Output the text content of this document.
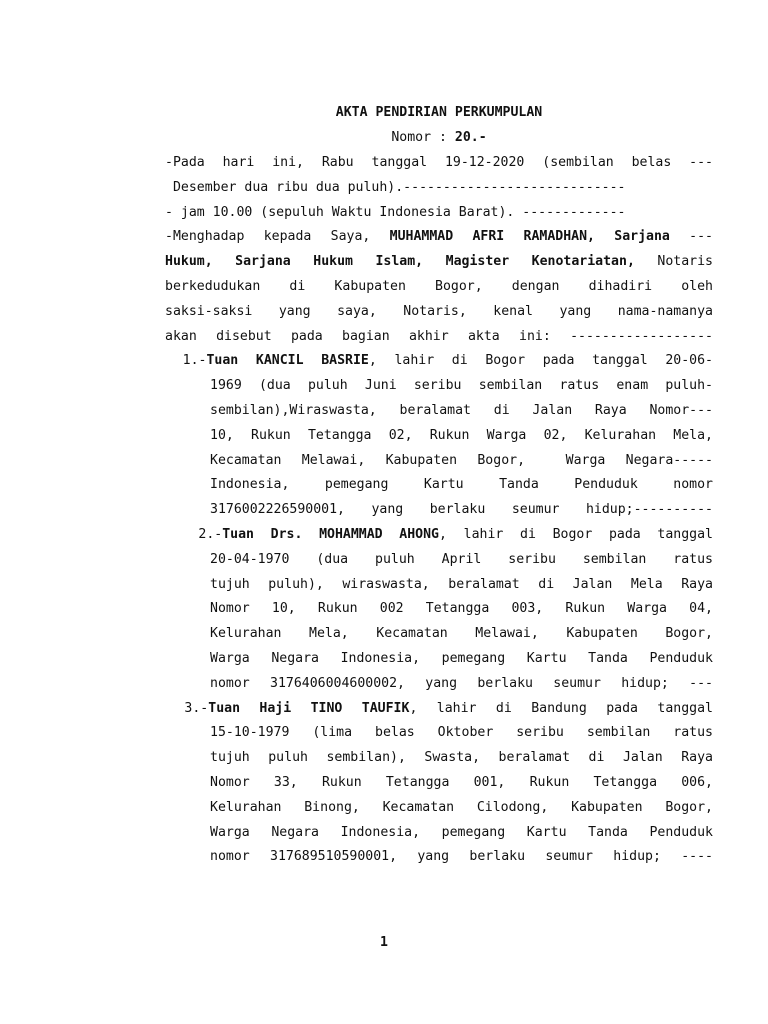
AKTA PENDIRIAN PERKUMPULAN
Nomor : 20.-
-Pada hari ini, Rabu tanggal 19-12-2020 (sembilan belas ---
Desember dua ribu dua puluh).----------------------------
- jam 10.00 (sepuluh Waktu Indonesia Barat). -------------
-Menghadap kepada Saya, MUHAMMAD AFRI RAMADHAN, Sarjana ---
Hukum, Sarjana Hukum Islam, Magister Kenotariatan, Notaris
berkedudukan di Kabupaten Bogor, dengan dihadiri oleh
saksi-saksi yang saya, Notaris, kenal yang nama-namanya
akan disebut pada bagian akhir akta ini: ------------------
1.-Tuan KANCIL BASRIE, lahir di Bogor pada tanggal 20-06-
1969 (dua puluh Juni seribu sembilan ratus enam puluh-
sembilan),Wiraswasta, beralamat di Jalan Raya Nomor---
10, Rukun Tetangga 02, Rukun Warga 02, Kelurahan Mela,
Kecamatan Melawai, Kabupaten Bogor,  Warga Negara-----
Indonesia, pemegang Kartu Tanda Penduduk nomor
3176002226590001, yang berlaku seumur hidup;----------
2.-Tuan Drs. MOHAMMAD AHONG, lahir di Bogor pada tanggal
20-04-1970 (dua puluh April seribu sembilan ratus
tujuh puluh), wiraswasta, beralamat di Jalan Mela Raya
Nomor 10, Rukun 002 Tetangga 003, Rukun Warga 04,
Kelurahan Mela, Kecamatan Melawai, Kabupaten Bogor,
Warga Negara Indonesia, pemegang Kartu Tanda Penduduk
nomor 3176406004600002, yang berlaku seumur hidup; ---
3.-Tuan Haji TINO TAUFIK, lahir di Bandung pada tanggal
15-10-1979 (lima belas Oktober seribu sembilan ratus
tujuh puluh sembilan), Swasta, beralamat di Jalan Raya
Nomor 33, Rukun Tetangga 001, Rukun Tetangga 006,
Kelurahan Binong, Kecamatan Cilodong, Kabupaten Bogor,
Warga Negara Indonesia, pemegang Kartu Tanda Penduduk
nomor 317689510590001, yang berlaku seumur hidup; ----
1
